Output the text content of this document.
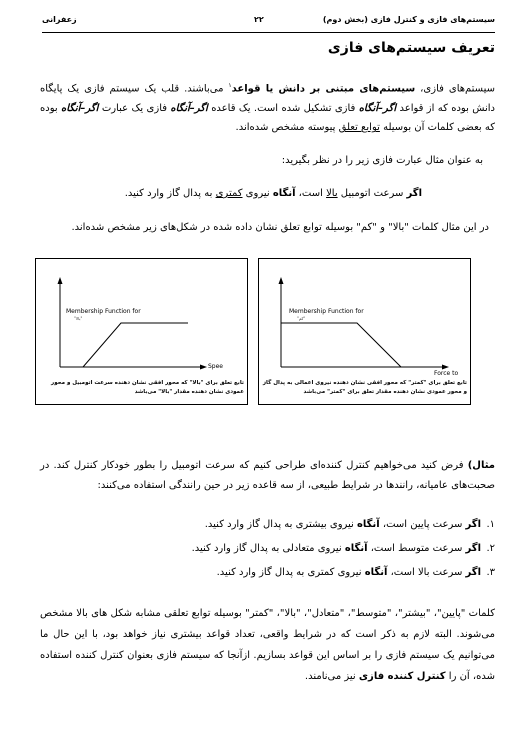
سیستم‌های فازی و کنترل فازی (بخش دوم)
۲۲
زعفرانی
تعریف سیستم‌های فازی
سیستم‌های فازی، سیستم‌های مبتنی بر دانش یا قواعد$^۱$ می‌باشند. قلب یک سیستم فازی یک پایگاه دانش بوده که از قواعد اگر–آنگاه فازی تشکیل شده است. یک قاعده اگر–آنگاه فازی یک عبارت اگر–آنگاه بوده که بعضی کلمات آن بوسیله توابع تعلق پیوسته مشخص شده‌اند.
به عنوان مثال عبارت فازی زیر را در نظر بگیرید:
اگر سرعت اتومبیل بالا است، آنگاه نیروی کمتری به پدال گاز وارد کنید.
در این مثال کلمات "بالا" و "کم" بوسیله توابع تعلق نشان داده شده در شکل‌های زیر مشخص شده‌اند.
Membership Function for
"کم"
Force to
تابع تعلق برای "کمتر" که محور افقی نشان دهنده نیروی اعمالی به پدال گاز و محور عمودی نشان دهنده مقدار تعلق برای "کمتر" می‌باشد
Membership Function for
"بالا"
Spee
تابع تعلق برای "بالا" که محور افقی نشان دهنده سرعت اتومبیل و محور عمودی نشان دهنده مقدار "بالا" می‌باشد
مثال) فرض کنید می‌خواهیم کنترل کننده‌ای طراحی کنیم که سرعت اتومبیل را بطور خودکار کنترل کند. در صحبت‌های عامیانه، رانندها در شرایط طبیعی، از سه قاعده زیر در حین رانندگی استفاده می‌کنند:
۱.اگر سرعت پایین است، آنگاه نیروی بیشتری به پدال گاز وارد کنید.
۲.اگر سرعت متوسط است، آنگاه نیروی متعادلی به پدال گاز وارد کنید.
۳.اگر سرعت بالا است، آنگاه نیروی کمتری به پدال گاز وارد کنید.
کلمات "پایین"، "بیشتر"، "متوسط"، "متعادل"، "بالا"، "کمتر" بوسیله توابع تعلقی مشابه شکل های بالا مشخص می‌شوند. البته لازم به ذکر است که در شرایط واقعی، تعداد قواعد بیشتری نیاز خواهد بود، با این حال ما می‌توانیم یک سیستم فازی را بر اساس این قواعد بسازیم. ازآنجا که سیستم فازی بعنوان کنترل کننده استفاده شده، آن را کنترل کننده فازی نیز می‌نامند.
